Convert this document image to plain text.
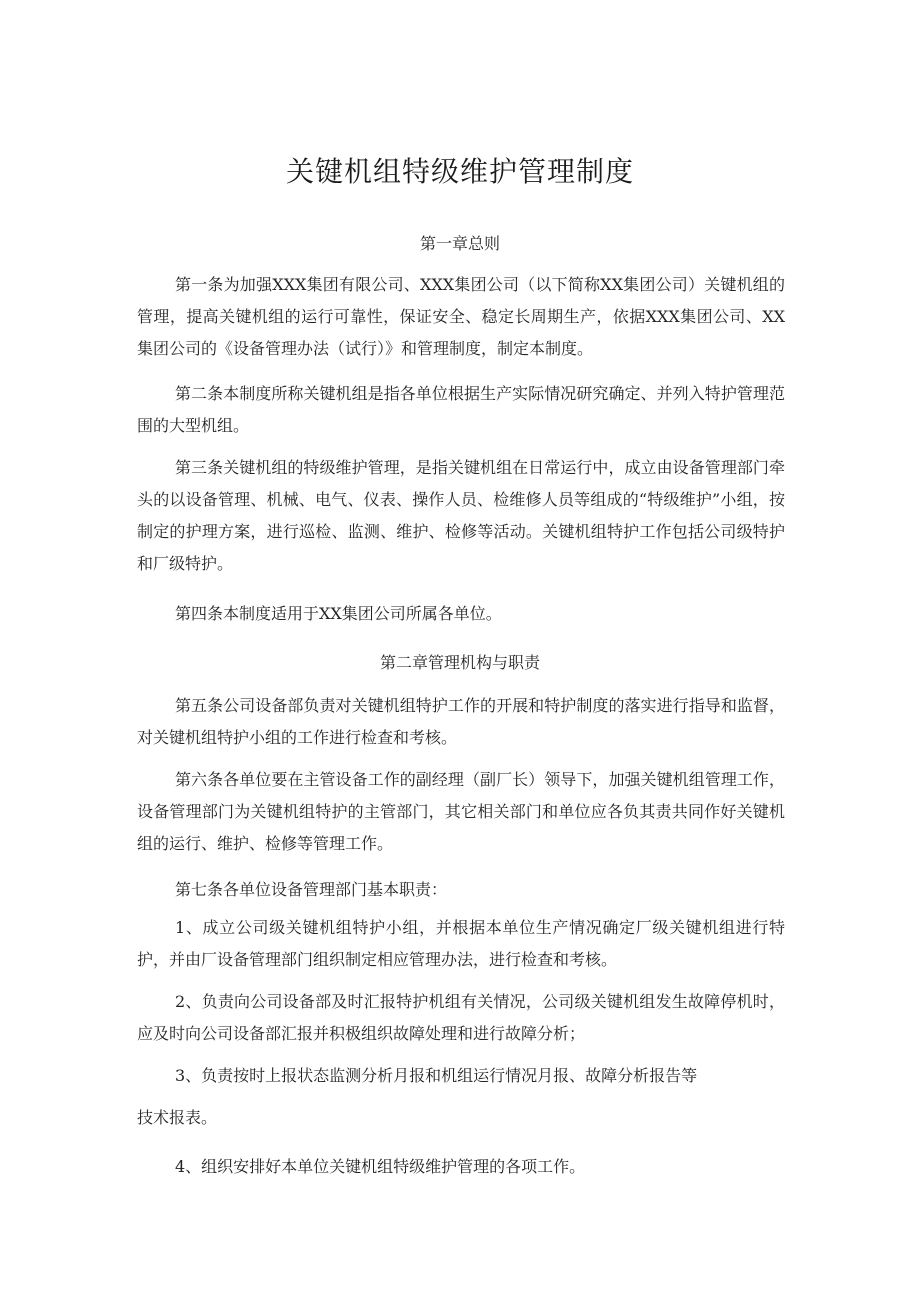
关键机组特级维护管理制度
第一章总则

第一条为加强XXX集团有限公司、XXX集团公司（以下简称XX集团公司）关键机组的管理，提高关键机组的运行可靠性，保证安全、稳定长周期生产，依据XXX集团公司、XX集团公司的《设备管理办法（试行）》和管理制度，制定本制度。

第二条本制度所称关键机组是指各单位根据生产实际情况研究确定、并列入特护管理范围的大型机组。

第三条关键机组的特级维护管理，是指关键机组在日常运行中，成立由设备管理部门牵头的以设备管理、机械、电气、仪表、操作人员、检维修人员等组成的“特级维护”小组，按制定的护理方案，进行巡检、监测、维护、检修等活动。关键机组特护工作包括公司级特护和厂级特护。

第四条本制度适用于XX集团公司所属各单位。

第二章管理机构与职责

第五条公司设备部负责对关键机组特护工作的开展和特护制度的落实进行指导和监督，对关键机组特护小组的工作进行检查和考核。

第六条各单位要在主管设备工作的副经理（副厂长）领导下，加强关键机组管理工作，设备管理部门为关键机组特护的主管部门，其它相关部门和单位应各负其责共同作好关键机组的运行、维护、检修等管理工作。

第七条各单位设备管理部门基本职责：

1、成立公司级关键机组特护小组，并根据本单位生产情况确定厂级关键机组进行特护，并由厂设备管理部门组织制定相应管理办法，进行检查和考核。

2、负责向公司设备部及时汇报特护机组有关情况，公司级关键机组发生故障停机时，应及时向公司设备部汇报并积极组织故障处理和进行故障分析；

3、负责按时上报状态监测分析月报和机组运行情况月报、故障分析报告等

技术报表。

4、组织安排好本单位关键机组特级维护管理的各项工作。
